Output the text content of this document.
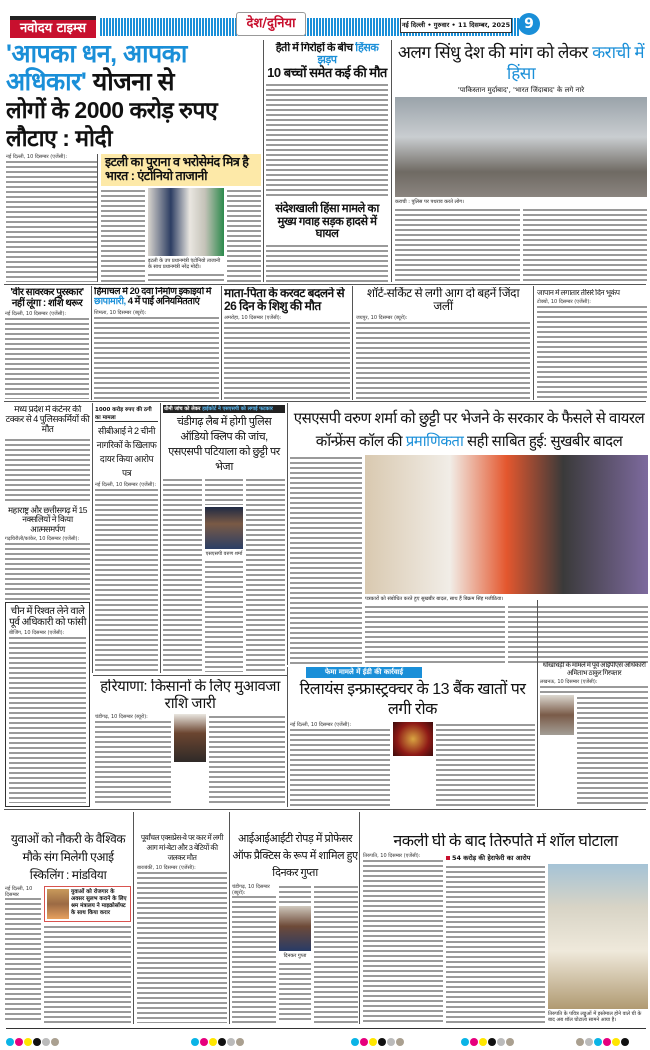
नवोदय टाइम्स	देश/दुनिया	नई दिल्ली • गुरुवार • 11 दिसम्बर, 2025	9
'आपका धन, आपका अधिकार' योजना से
लोगों के 2000 करोड़ रुपए लौटाए : मोदी
नई दिल्ली, 10 दिसम्बर (एजेंसी):	इटली का पुराना व भरोसेमंद मित्र है भारत : एंटोनियो ताजानी
इटली के उप प्रधानमंत्री एंटोनियो ताजानी के साथ प्रधानमंत्री नरेंद्र मोदी।
हैती में गिरोहों के बीच हिंसक झड़प
10 बच्चों समेत कई की मौत
संदेशखाली हिंसा मामले का मुख्य गवाह सड़क हादसे में घायल
अलग सिंधु देश की मांग को लेकर कराची में हिंसा
'पाकिस्तान मुर्दाबाद', 'भारत जिंदाबाद' के लगे नारे
कराची : पुलिस पर पथराव करते लोग।
'वीर सावरकर पुरस्कार' नहीं लूंगा : शशि थरूर
नई दिल्ली, 10 दिसम्बर (एजेंसी):
हिमाचल में 20 दवा निर्माण इकाइयों में छापामारी, 4 में पाईं अनियमितताएं
शिमला, 10 दिसम्बर (ब्यूरो):
माता-पिता के करवट बदलने से 26 दिन के शिशु की मौत
अमरोहा, 10 दिसम्बर (एजेंसी):
शॉर्ट-सर्किट से लगी आग दो बहनें जिंदा जलीं
जयपुर, 10 दिसम्बर (ब्यूरो):
जापान में लगातार तीसरे दिन भूकंप
टोक्यो, 10 दिसम्बर (एजेंसी):
मध्य प्रदेश में कंटेनर की टक्कर से 4 पुलिसकर्मियों की मौत
महाराष्ट्र और छत्तीसगढ़ में 15 नक्सलियों ने किया आत्मसमर्पण
गढ़चिरौली/कांकेर, 10 दिसम्बर (एजेंसी):
चीन में रिश्वत लेने वाले पूर्व अधिकारी को फांसी
बीजिंग, 10 दिसम्बर (एजेंसी):
1000 करोड़ रुपए की ठगी का मामला
सीबीआई ने 2 चीनी नागरिकों के खिलाफ दायर किया आरोप पत्र
नई दिल्ली, 10 दिसम्बर (एजेंसी):
धीमी जांच को लेकर हाईकोर्ट ने एसएसपी को लगाई फटकार
चंडीगढ़ लैब में होगी पुलिस ऑडियो क्लिप की जांच, एसएसपी पटियाला को छुट्टी पर भेजा
एसएसपी वरुण शर्मा
एसएसपी वरुण शर्मा को छुट्टी पर भेजने के सरकार के फैसले से वायरल कॉन्फ्रेंस कॉल की प्रमाणिकता सही साबित हुई: सुखबीर बादल
पत्रकारों को संबोधित करते हुए सुखबीर बादल, साथ हैं बिक्रम सिंह मजीठिया।
हरियाणा: किसानों के लिए मुआवजा राशि जारी
चंडीगढ़, 10 दिसम्बर (ब्यूरो):
फेमा मामले में ईडी की कार्रवाई
रिलायंस इन्फ्रास्ट्रक्चर के 13 बैंक खातों पर लगी रोक
नई दिल्ली, 10 दिसम्बर (एजेंसी):
धोखाधड़ी के मामले में पूर्व आईपीएस अधिकारी अमिताभ ठाकुर गिरफ्तार
लखनऊ, 10 दिसम्बर (एजेंसी):
युवाओं को नौकरी के वैश्विक मौके संग मिलेगी एआई स्किलिंग : मांडविया
नई दिल्ली, 10 दिसम्बर	युवाओं को रोजगार के अवसर सुलभ कराने के लिए श्रम मंत्रालय ने माइक्रोसॉफ्ट के साथ किया करार
पूर्वांचल एक्सप्रेस-वे पर कार में लगी आग मां-बेटा और 3 बेटियों की जलकर मौत
बाराबंकी, 10 दिसम्बर (एजेंसी):
आईआईआईटी रोपड़ में प्रोफेसर ऑफ प्रैक्टिस के रूप में शामिल हुए दिनकर गुप्ता
चंडीगढ़, 10 दिसम्बर (ब्यूरो):
दिनकर गुप्ता
नकली घी के बाद तिरुपति में शॉल घोटाला
तिरुपति, 10 दिसम्बर (एजेंसी):	54 करोड़ की हेराफेरी का आरोप
तिरुपति के पवित्र लड्डुओं में इस्तेमाल होने वाले घी के बाद अब शॉल घोटाला सामने आया है।
